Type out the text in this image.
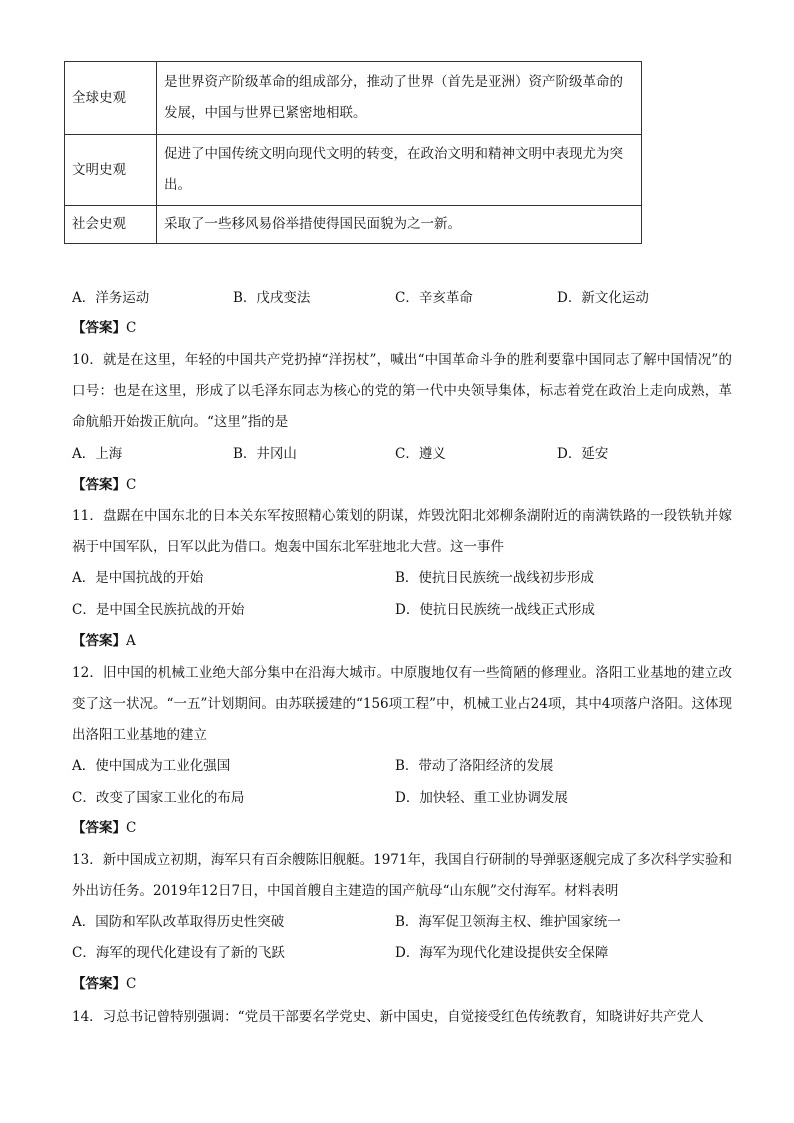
全球史观	是世界资产阶级革命的组成部分，推动了世界（首先是亚洲）资产阶级革命的发展，中国与世界已紧密地相联。
文明史观	促进了中国传统文明向现代文明的转变，在政治文明和精神文明中表现尤为突出。
社会史观	采取了一些移风易俗举措使得国民面貌为之一新。
A．洋务运动	B．戊戌变法	C．辛亥革命	D．新文化运动
【答案】C
10．就是在这里，年轻的中国共产党扔掉“洋拐杖”，喊出“中国革命斗争的胜利要靠中国同志了解中国情况”的口号：也是在这里，形成了以毛泽东同志为核心的党的第一代中央领导集体，标志着党在政治上走向成熟，革命航船开始拨正航向。“这里”指的是
A．上海	B．井冈山	C．遵义	D．延安
【答案】C
11．盘踞在中国东北的日本关东军按照精心策划的阴谋，炸毁沈阳北郊柳条湖附近的南满铁路的一段铁轨并嫁祸于中国军队，日军以此为借口。炮轰中国东北军驻地北大营。这一事件
A．是中国抗战的开始	B．使抗日民族统一战线初步形成
C．是中国全民族抗战的开始	D．使抗日民族统一战线正式形成
【答案】A
12．旧中国的机械工业绝大部分集中在沿海大城市。中原腹地仅有一些简陋的修理业。洛阳工业基地的建立改变了这一状况。“一五”计划期间。由苏联援建的“156项工程”中，机械工业占24项，其中4项落户洛阳。这体现出洛阳工业基地的建立
A．使中国成为工业化强国	B．带动了洛阳经济的发展
C．改变了国家工业化的布局	D．加快轻、重工业协调发展
【答案】C
13．新中国成立初期，海军只有百余艘陈旧舰艇。1971年，我国自行研制的导弹驱逐舰完成了多次科学实验和外出访任务。2019年12日7日，中国首艘自主建造的国产航母“山东舰”交付海军。材料表明
A．国防和军队改革取得历史性突破	B．海军促卫领海主权、维护国家统一
C．海军的现代化建设有了新的飞跃	D．海军为现代化建设提供安全保障
【答案】C
14．习总书记曾特别强调：“党员干部要名学党史、新中国史，自觉接受红色传统教育，知晓讲好共产党人
